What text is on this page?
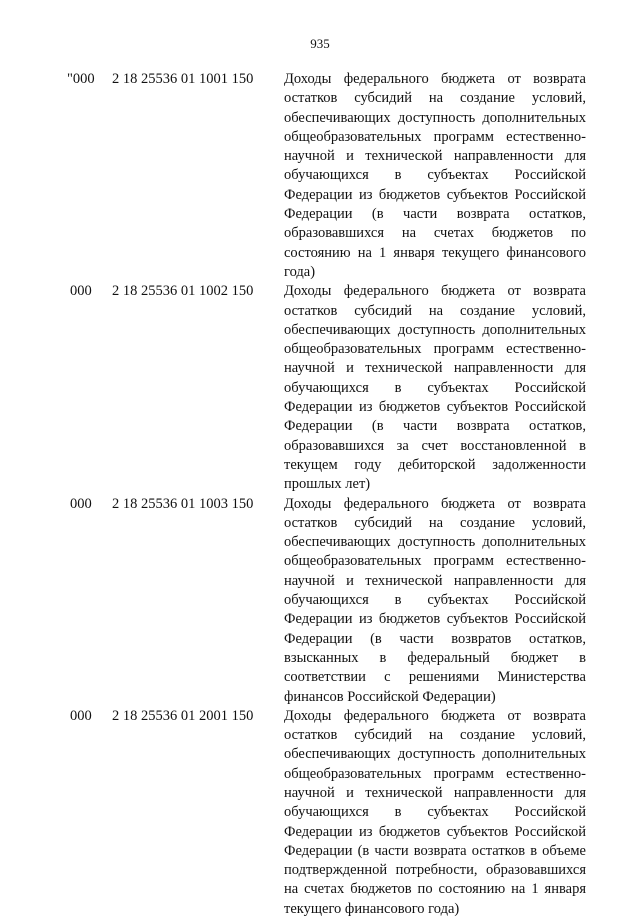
935
"000 2 18 25536 01 1001 150 Доходы федерального бюджета от возврата
остатков субсидий на создание условий,
обеспечивающих доступность дополнительных
общеобразовательных программ естественно-
научной и технической направленности для
обучающихся в субъектах Российской
Федерации из бюджетов субъектов Российской
Федерации (в части возврата остатков,
образовавшихся на счетах бюджетов по
состоянию на 1 января текущего финансового
года)
000 2 18 25536 01 1002 150 Доходы федерального бюджета от возврата
остатков субсидий на создание условий,
обеспечивающих доступность дополнительных
общеобразовательных программ естественно-
научной и технической направленности для
обучающихся в субъектах Российской
Федерации из бюджетов субъектов Российской
Федерации (в части возврата остатков,
образовавшихся за счет восстановленной в
текущем году дебиторской задолженности
прошлых лет)
000 2 18 25536 01 1003 150 Доходы федерального бюджета от возврата
остатков субсидий на создание условий,
обеспечивающих доступность дополнительных
общеобразовательных программ естественно-
научной и технической направленности для
обучающихся в субъектах Российской
Федерации из бюджетов субъектов Российской
Федерации (в части возвратов остатков,
взысканных в федеральный бюджет в
соответствии с решениями Министерства
финансов Российской Федерации)
000 2 18 25536 01 2001 150 Доходы федерального бюджета от возврата
остатков субсидий на создание условий,
обеспечивающих доступность дополнительных
общеобразовательных программ естественно-
научной и технической направленности для
обучающихся в субъектах Российской
Федерации из бюджетов субъектов Российской
Федерации (в части возврата остатков в объеме
подтвержденной потребности, образовавшихся
на счетах бюджетов по состоянию на 1 января
текущего финансового года)
